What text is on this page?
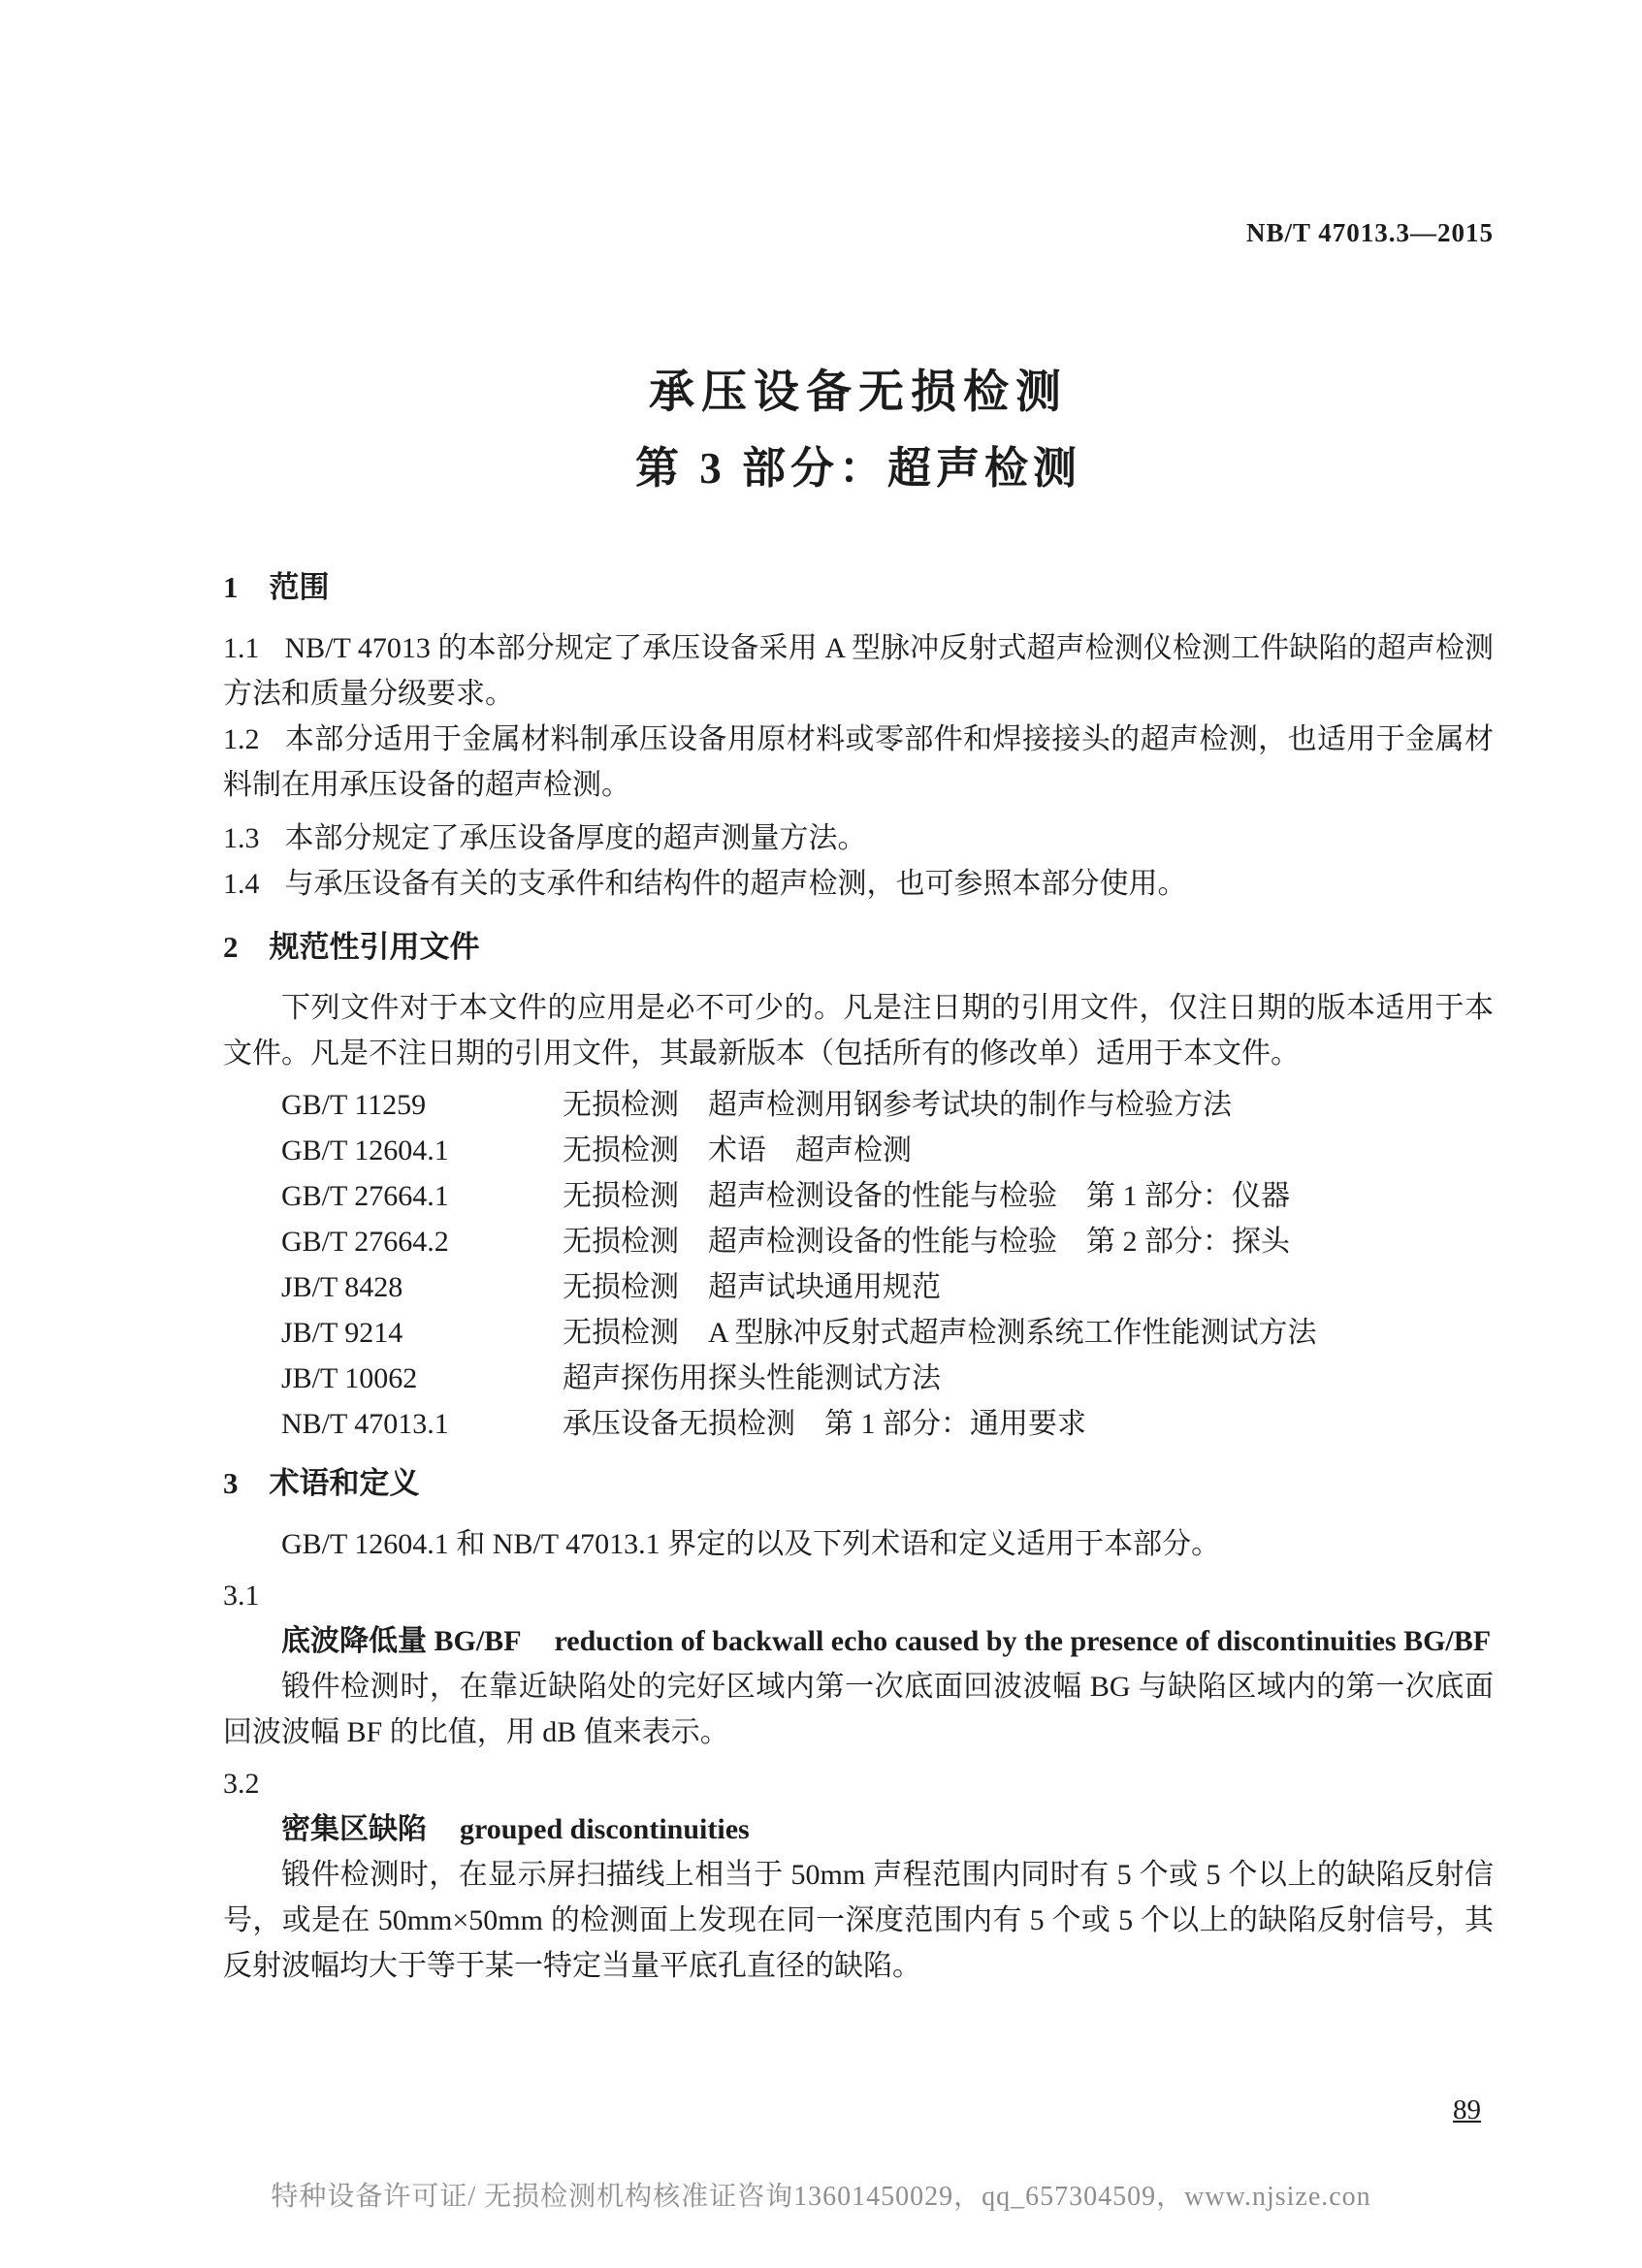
NB/T 47013.3—2015
承压设备无损检测
第 3 部分：超声检测
1 范围

1.1 NB/T 47013 的本部分规定了承压设备采用 A 型脉冲反射式超声检测仪检测工件缺陷的超声检测方法和质量分级要求。

1.2 本部分适用于金属材料制承压设备用原材料或零部件和焊接接头的超声检测，也适用于金属材料制在用承压设备的超声检测。

1.3 本部分规定了承压设备厚度的超声测量方法。

1.4 与承压设备有关的支承件和结构件的超声检测，也可参照本部分使用。

2 规范性引用文件

下列文件对于本文件的应用是必不可少的。凡是注日期的引用文件，仅注日期的版本适用于本文件。凡是不注日期的引用文件，其最新版本（包括所有的修改单）适用于本文件。

GB/T 11259	无损检测　超声检测用钢参考试块的制作与检验方法
GB/T 12604.1	无损检测　术语　超声检测
GB/T 27664.1	无损检测　超声检测设备的性能与检验　第 1 部分：仪器
GB/T 27664.2	无损检测　超声检测设备的性能与检验　第 2 部分：探头
JB/T 8428	无损检测　超声试块通用规范
JB/T 9214	无损检测　A 型脉冲反射式超声检测系统工作性能测试方法
JB/T 10062	超声探伤用探头性能测试方法
NB/T 47013.1	承压设备无损检测　第 1 部分：通用要求
3 术语和定义

GB/T 12604.1 和 NB/T 47013.1 界定的以及下列术语和定义适用于本部分。

3.1
底波降低量 BG/BF reduction of backwall echo caused by the presence of discontinuities BG/BF

锻件检测时，在靠近缺陷处的完好区域内第一次底面回波波幅 BG 与缺陷区域内的第一次底面回波波幅 BF 的比值，用 dB 值来表示。

3.2
密集区缺陷 grouped discontinuities

锻件检测时，在显示屏扫描线上相当于 50mm 声程范围内同时有 5 个或 5 个以上的缺陷反射信号，或是在 50mm×50mm 的检测面上发现在同一深度范围内有 5 个或 5 个以上的缺陷反射信号，其反射波幅均大于等于某一特定当量平底孔直径的缺陷。

89
特种设备许可证/ 无损检测机构核准证咨询13601450029，qq_657304509，www.njsize.con
